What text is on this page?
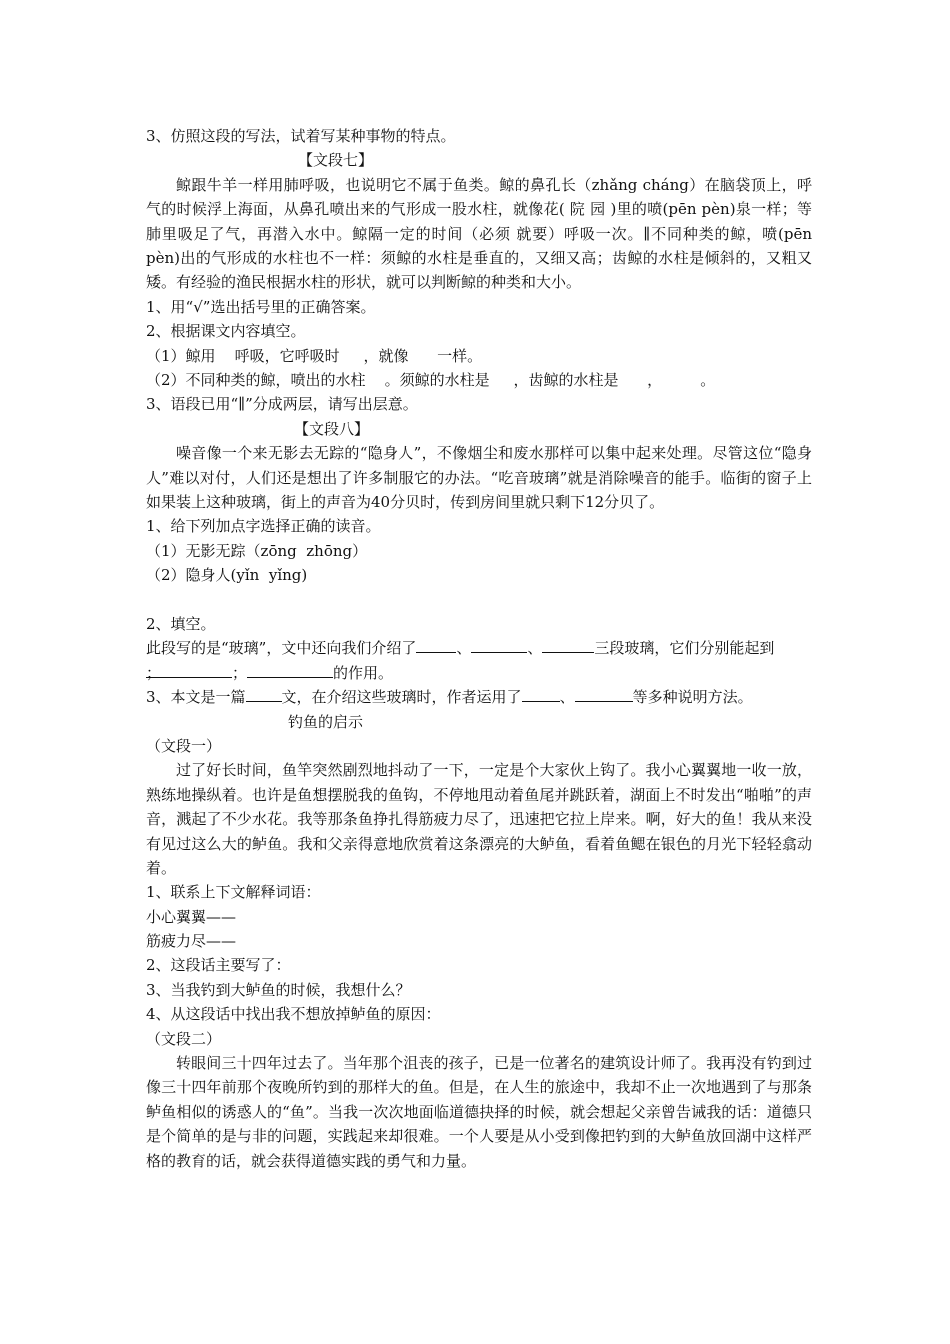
3、仿照这段的写法，试着写某种事物的特点。
【文段七】
鲸跟牛羊一样用肺呼吸，也说明它不属于鱼类。鲸的鼻孔长（zhǎng cháng）在脑袋顶上，呼气的时候浮上海面，从鼻孔喷出来的气形成一股水柱，就像花( 院 园 )里的喷(pēn pèn)泉一样；等肺里吸足了气，再潜入水中。鲸隔一定的时间（必须 就要）呼吸一次。∥不同种类的鲸，喷(pēn pèn)出的气形成的水柱也不一样：须鲸的水柱是垂直的，又细又高；齿鲸的水柱是倾斜的，又粗又矮。有经验的渔民根据水柱的形状，就可以判断鲸的种类和大小。
1、用“√”选出括号里的正确答案。
2、根据课文内容填空。
（1）鲸用    呼吸，它呼吸时     ，就像      一样。
（2）不同种类的鲸，喷出的水柱    。须鲸的水柱是     ，齿鲸的水柱是      ，        。
3、语段已用“∥”分成两层，请写出层意。
【文段八】
噪音像一个来无影去无踪的“隐身人”，不像烟尘和废水那样可以集中起来处理。尽管这位“隐身人”难以对付，人们还是想出了许多制服它的办法。“吃音玻璃”就是消除噪音的能手。临街的窗子上如果装上这种玻璃，街上的声音为40分贝时，传到房间里就只剩下12分贝了。
1、给下列加点字选择正确的读音。
（1）无影无踪（zōng  zhōng）
（2）隐身人(yǐn  yǐng)

2、填空。
此段写的是“玻璃”，文中还向我们介绍了	、	、	三段玻璃，它们分别能起到
；	；	的作用。
3、本文是一篇 文，在介绍这些玻璃时，作者运用了	、	等多种说明方法。
钓鱼的启示
（文段一）
过了好长时间，鱼竿突然剧烈地抖动了一下，一定是个大家伙上钩了。我小心翼翼地一收一放，熟练地操纵着。也许是鱼想摆脱我的鱼钩，不停地甩动着鱼尾并跳跃着，湖面上不时发出“啪啪”的声音，溅起了不少水花。我等那条鱼挣扎得筋疲力尽了，迅速把它拉上岸来。啊，好大的鱼！我从来没有见过这么大的鲈鱼。我和父亲得意地欣赏着这条漂亮的大鲈鱼，看着鱼鳃在银色的月光下轻轻翕动着。
1、联系上下文解释词语：
小心翼翼——
筋疲力尽——
2、这段话主要写了：
3、当我钓到大鲈鱼的时候，我想什么？
4、从这段话中找出我不想放掉鲈鱼的原因：
（文段二）
转眼间三十四年过去了。当年那个沮丧的孩子，已是一位著名的建筑设计师了。我再没有钓到过像三十四年前那个夜晚所钓到的那样大的鱼。但是，在人生的旅途中，我却不止一次地遇到了与那条鲈鱼相似的诱惑人的“鱼”。当我一次次地面临道德抉择的时候，就会想起父亲曾告诫我的话：道德只是个简单的是与非的问题，实践起来却很难。一个人要是从小受到像把钓到的大鲈鱼放回湖中这样严格的教育的话，就会获得道德实践的勇气和力量。
